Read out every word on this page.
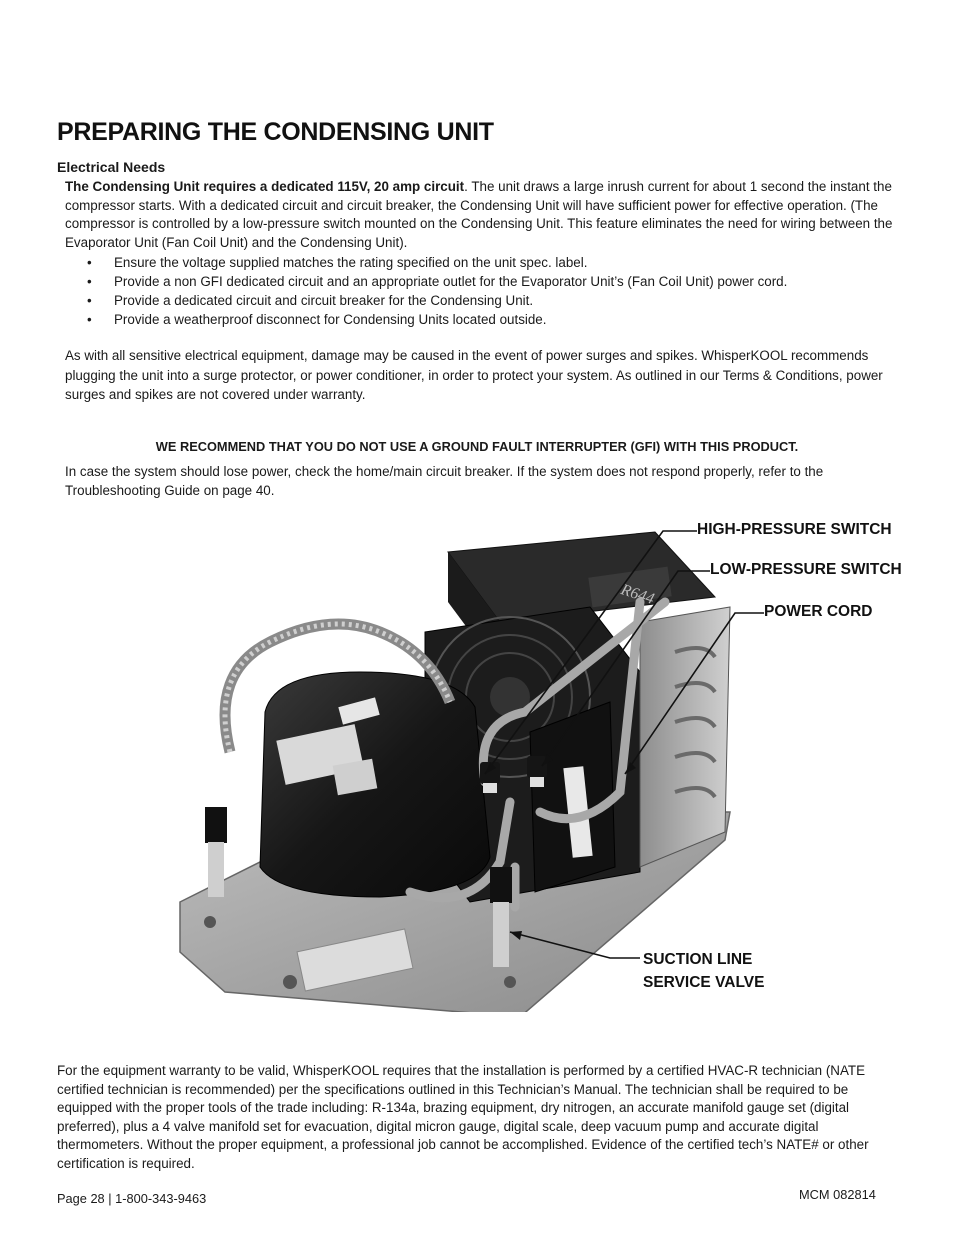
PREPARING THE CONDENSING UNIT

Electrical Needs

The Condensing Unit requires a dedicated 115V, 20 amp circuit. The unit draws a large inrush current for about 1 second the instant the compressor starts. With a dedicated circuit and circuit breaker, the Condensing Unit will have sufficient power for effective operation. (The compressor is controlled by a low-pressure switch mounted on the Condensing Unit. This feature eliminates the need for wiring between the Evaporator Unit (Fan Coil Unit) and the Condensing Unit).

• Ensure the voltage supplied matches the rating specified on the unit spec. label.
• Provide a non GFI dedicated circuit and an appropriate outlet for the Evaporator Unit’s (Fan Coil Unit) power cord.
• Provide a dedicated circuit and circuit breaker for the Condensing Unit.
• Provide a weatherproof disconnect for Condensing Units located outside.

As with all sensitive electrical equipment, damage may be caused in the event of power surges and spikes. WhisperKOOL recommends plugging the unit into a surge protector, or power conditioner, in order to protect your system. As outlined in our Terms & Conditions, power surges and spikes are not covered under warranty.

WE RECOMMEND THAT YOU DO NOT USE A GROUND FAULT INTERRUPTER (GFI) WITH THIS PRODUCT.

In case the system should lose power, check the home/main circuit breaker. If the system does not respond properly, refer to the Troubleshooting Guide on page 40.

R644
HIGH-PRESSURE SWITCH
LOW-PRESSURE SWITCH
POWER CORD
SUCTION LINE
SERVICE VALVE

For the equipment warranty to be valid, WhisperKOOL requires that the installation is performed by a certified HVAC-R technician (NATE certified technician is recommended) per the specifications outlined in this Technician’s Manual. The technician shall be required to be equipped with the proper tools of the trade including: R-134a, brazing equipment, dry nitrogen, an accurate manifold gauge set (digital preferred), plus a 4 valve manifold set for evacuation, digital micron gauge, digital scale, deep vacuum pump and accurate digital thermometers. Without the proper equipment, a professional job cannot be accomplished. Evidence of the certified tech’s NATE# or other certification is required.

Page 28 | 1-800-343-9463	MCM 082814
